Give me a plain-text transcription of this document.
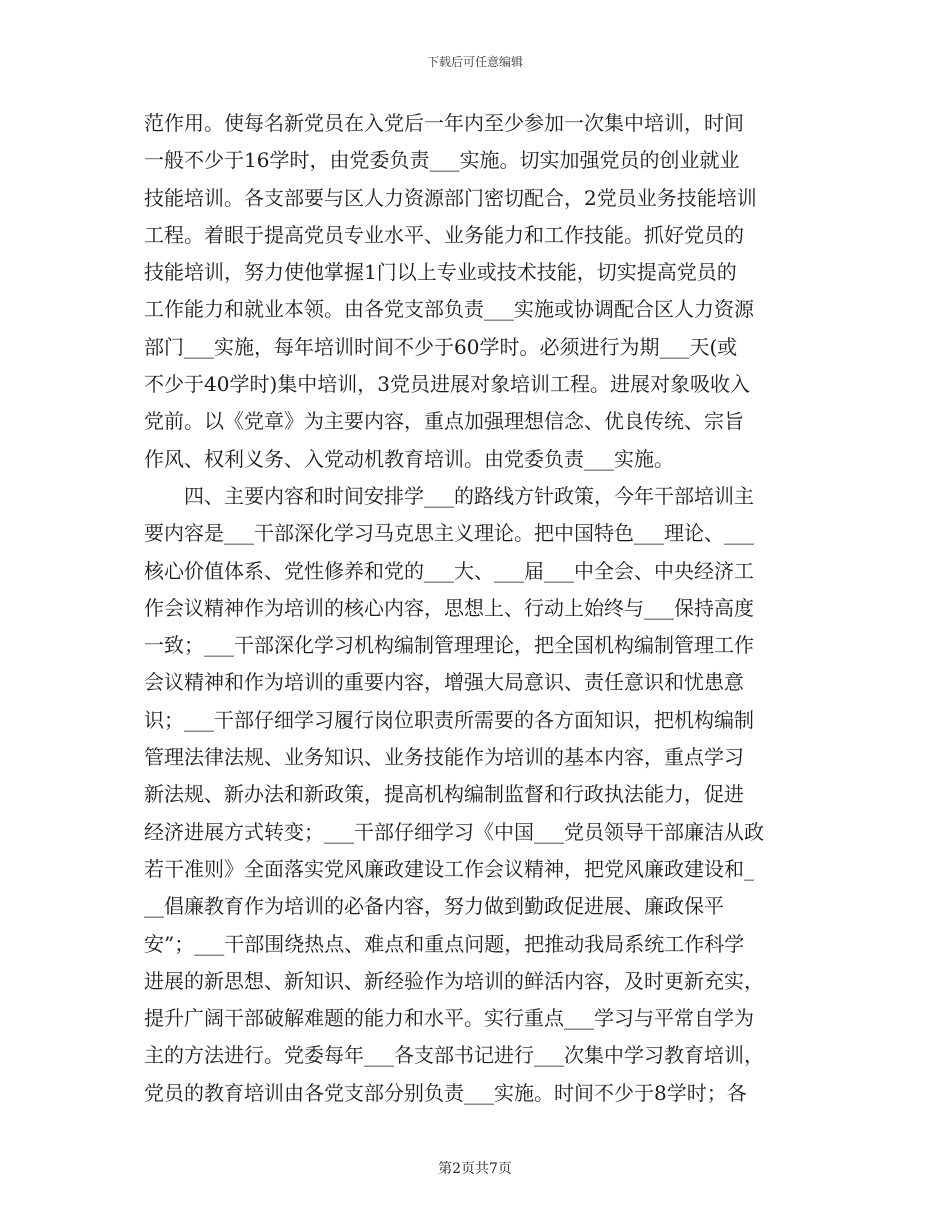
下载后可任意编辑
范作用。使每名新党员在入党后一年内至少参加一次集中培训，时间
一般不少于16学时，由党委负责___实施。切实加强党员的创业就业
技能培训。各支部要与区人力资源部门密切配合，2党员业务技能培训
工程。着眼于提高党员专业水平、业务能力和工作技能。抓好党员的
技能培训，努力使他掌握1门以上专业或技术技能，切实提高党员的
工作能力和就业本领。由各党支部负责___实施或协调配合区人力资源
部门___实施，每年培训时间不少于60学时。必须进行为期___天(或
不少于40学时)集中培训，3党员进展对象培训工程。进展对象吸收入
党前。以《党章》为主要内容，重点加强理想信念、优良传统、宗旨
作风、权利义务、入党动机教育培训。由党委负责___实施。
　　四、主要内容和时间安排学___的路线方针政策，今年干部培训主
要内容是___干部深化学习马克思主义理论。把中国特色___理论、___
核心价值体系、党性修养和党的___大、___届___中全会、中央经济工
作会议精神作为培训的核心内容，思想上、行动上始终与___保持高度
一致；___干部深化学习机构编制管理理论，把全国机构编制管理工作
会议精神和作为培训的重要内容，增强大局意识、责任意识和忧患意
识；___干部仔细学习履行岗位职责所需要的各方面知识，把机构编制
管理法律法规、业务知识、业务技能作为培训的基本内容，重点学习
新法规、新办法和新政策，提高机构编制监督和行政执法能力，促进
经济进展方式转变；___干部仔细学习《中国___党员领导干部廉洁从政
若干准则》全面落实党风廉政建设工作会议精神，把党风廉政建设和_
__倡廉教育作为培训的必备内容，努力做到勤政促进展、廉政保平
安”；___干部围绕热点、难点和重点问题，把推动我局系统工作科学
进展的新思想、新知识、新经验作为培训的鲜活内容，及时更新充实，
提升广阔干部破解难题的能力和水平。实行重点___学习与平常自学为
主的方法进行。党委每年___各支部书记进行___次集中学习教育培训，
党员的教育培训由各党支部分别负责___实施。时间不少于8学时；各
第2页共7页
